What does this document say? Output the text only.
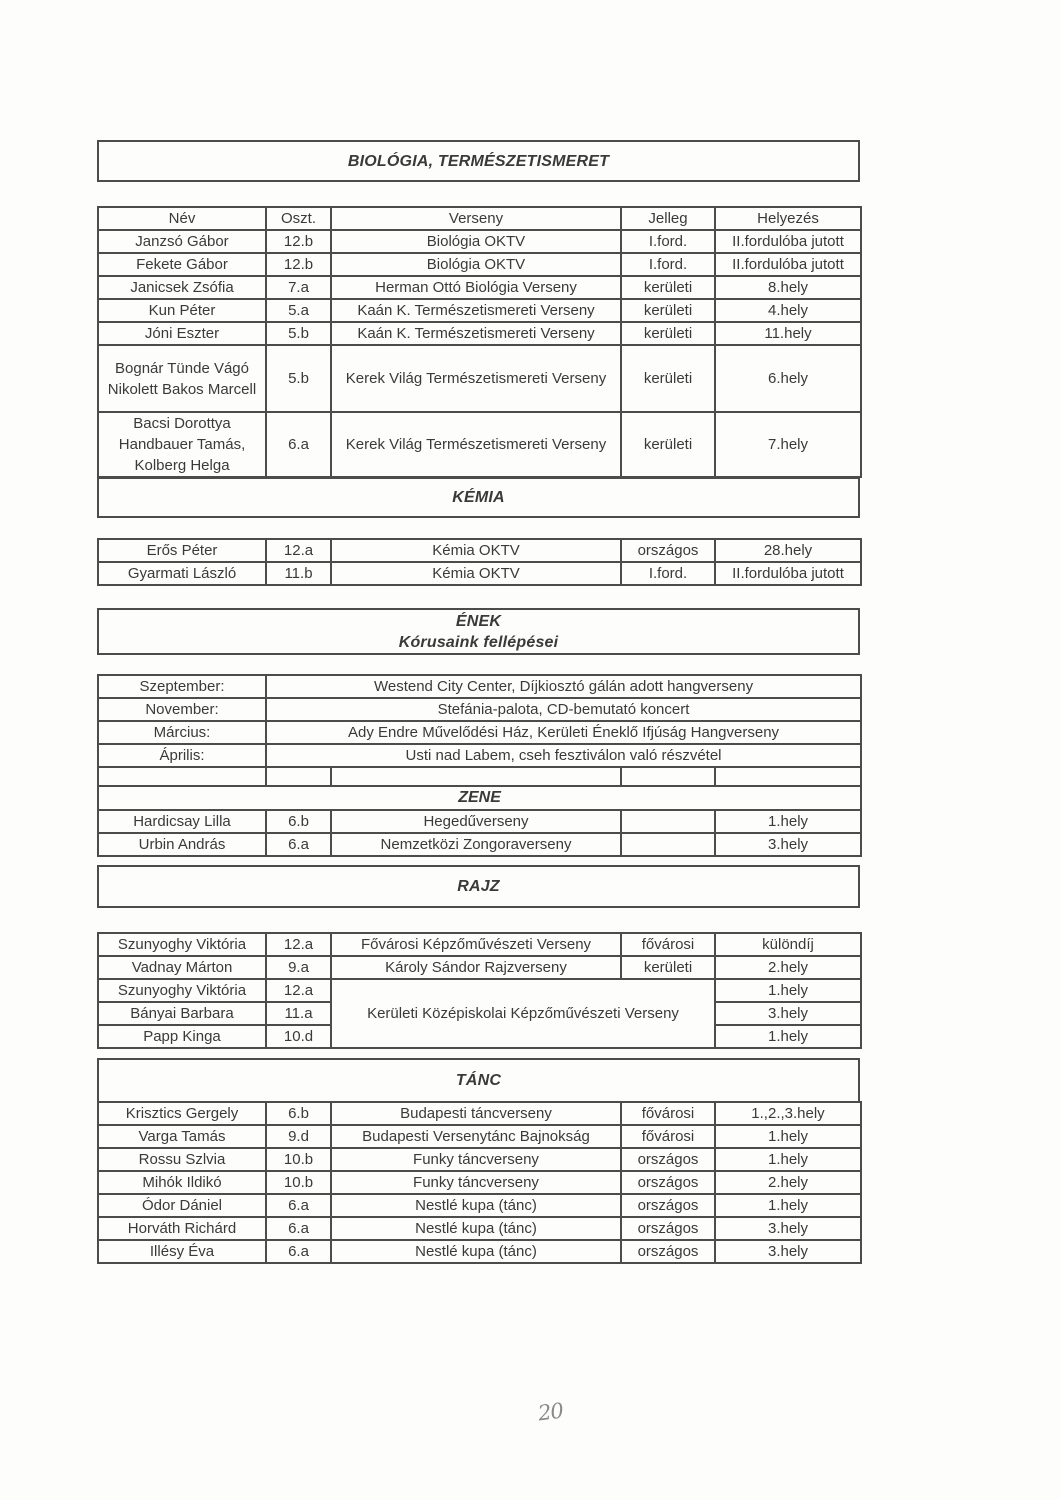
BIOLÓGIA, TERMÉSZETISMERET
Név	Oszt.	Verseny	Jelleg	Helyezés
Janzsó Gábor	12.b	Biológia OKTV	I.ford.	II.fordulóba jutott
Fekete Gábor	12.b	Biológia OKTV	I.ford.	II.fordulóba jutott
Janicsek Zsófia	7.a	Herman Ottó Biológia Verseny	kerületi	8.hely
Kun Péter	5.a	Kaán K. Természetismereti Verseny	kerületi	4.hely
Jóni Eszter	5.b	Kaán K. Természetismereti Verseny	kerületi	11.hely
Bognár Tünde Vágó Nikolett Bakos Marcell	5.b	Kerek Világ Természetismereti Verseny	kerületi	6.hely
Bacsi Dorottya Handbauer Tamás, Kolberg Helga	6.a	Kerek Világ Természetismereti Verseny	kerületi	7.hely
KÉMIA
Erős Péter	12.a	Kémia OKTV	országos	28.hely
Gyarmati László	11.b	Kémia OKTV	I.ford.	II.fordulóba jutott
ÉNEK
Kórusaink fellépései
Szeptember:	Westend City Center, Díjkiosztó gálán adott hangverseny			
November:	Stefánia-palota, CD-bemutató koncert			
Március:	Ady Endre Művelődési Ház, Kerületi Éneklő Ifjúság Hangverseny			
Április:	Usti nad Labem, cseh fesztiválon való részvétel			

ZENE				
Hardicsay Lilla	6.b	Hegedűverseny		1.hely
Urbin András	6.a	Nemzetközi Zongoraverseny		3.hely
RAJZ
Szunyoghy Viktória	12.a	Fővárosi Képzőművészeti Verseny	fővárosi	különdíj
Vadnay Márton	9.a	Károly Sándor Rajzverseny	kerületi	2.hely
Szunyoghy Viktória	12.a	Kerületi Középiskolai Képzőművészeti Verseny		1.hely
Bányai Barbara	11.a			3.hely
Papp Kinga	10.d			1.hely
TÁNC
Krisztics Gergely	6.b	Budapesti táncverseny	fővárosi	1.,2.,3.hely
Varga Tamás	9.d	Budapesti Versenytánc Bajnokság	fővárosi	1.hely
Rossu Szlvia	10.b	Funky táncverseny	országos	1.hely
Mihók Ildikó	10.b	Funky táncverseny	országos	2.hely
Ódor Dániel	6.a	Nestlé kupa (tánc)	országos	1.hely
Horváth Richárd	6.a	Nestlé kupa (tánc)	országos	3.hely
Illésy Éva	6.a	Nestlé kupa (tánc)	országos	3.hely
20
